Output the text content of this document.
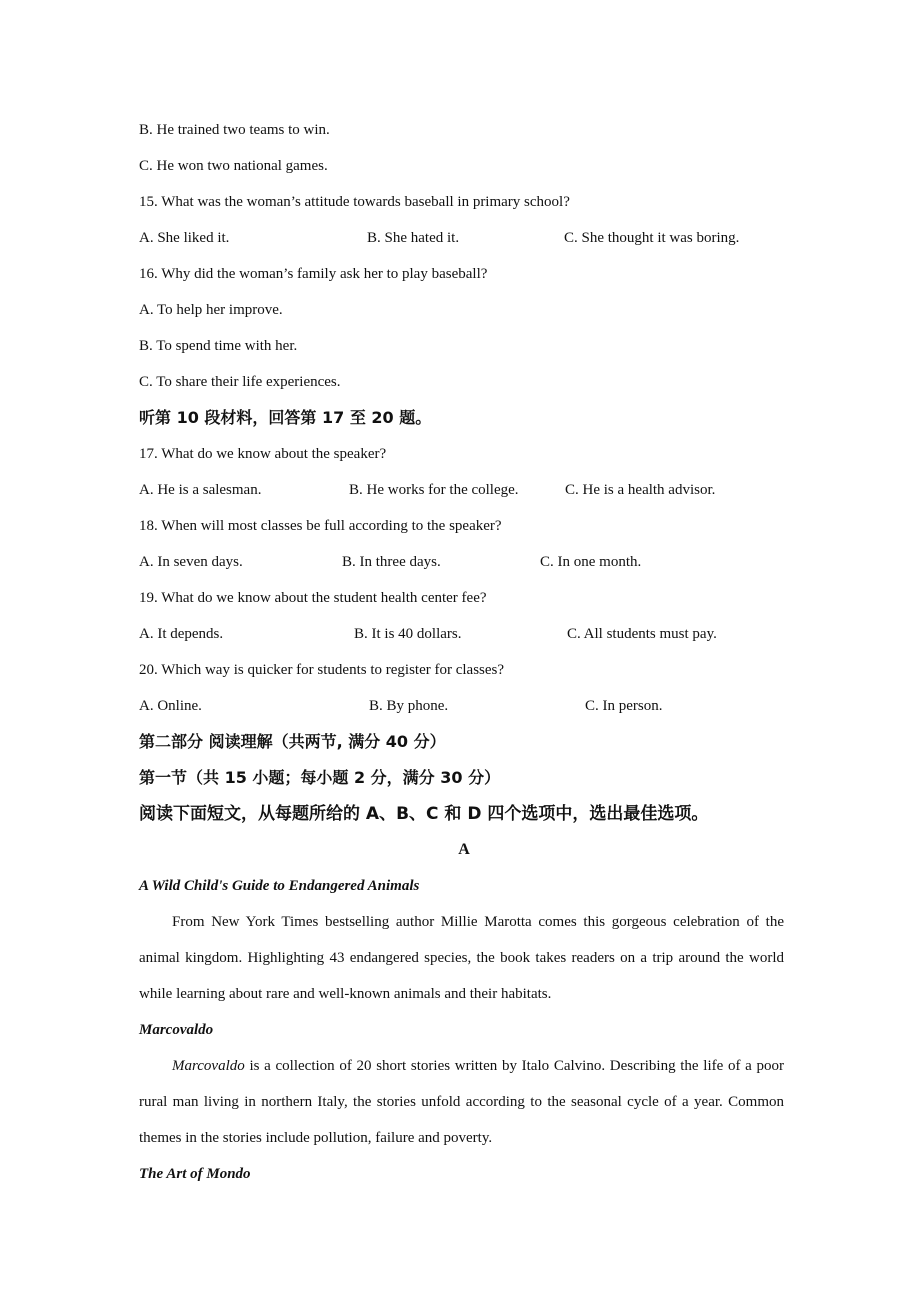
B. He trained two teams to win.
C. He won two national games.
15. What was the woman’s attitude towards baseball in primary school?
A. She liked it.	B. She hated it.	C. She thought it was boring.
16. Why did the woman’s family ask her to play baseball?
A. To help her improve.
B. To spend time with her.
C. To share their life experiences.
听第 10 段材料，回答第 17 至 20 题。
17. What do we know about the speaker?
A. He is a salesman.	B. He works for the college.	C. He is a health advisor.
18. When will most classes be full according to the speaker?
A. In seven days.	B. In three days.	C. In one month.
19. What do we know about the student health center fee?
A. It depends.	B. It is 40 dollars.	C. All students must pay.
20. Which way is quicker for students to register for classes?
A. Online.	B. By phone.	C. In person.
第二部分 阅读理解（共两节, 满分 40 分）
第一节（共 15 小题；每小题 2 分，满分 30 分）
阅读下面短文，从每题所给的 A、B、C 和 D 四个选项中，选出最佳选项。
A
A Wild Child's Guide to Endangered Animals
From New York Times bestselling author Millie Marotta comes this gorgeous celebration of the animal kingdom. Highlighting 43 endangered species, the book takes readers on a trip around the world while learning about rare and well-known animals and their habitats.
Marcovaldo
Marcovaldo is a collection of 20 short stories written by Italo Calvino. Describing the life of a poor rural man living in northern Italy, the stories unfold according to the seasonal cycle of a year. Common themes in the stories include pollution, failure and poverty.
The Art of Mondo
